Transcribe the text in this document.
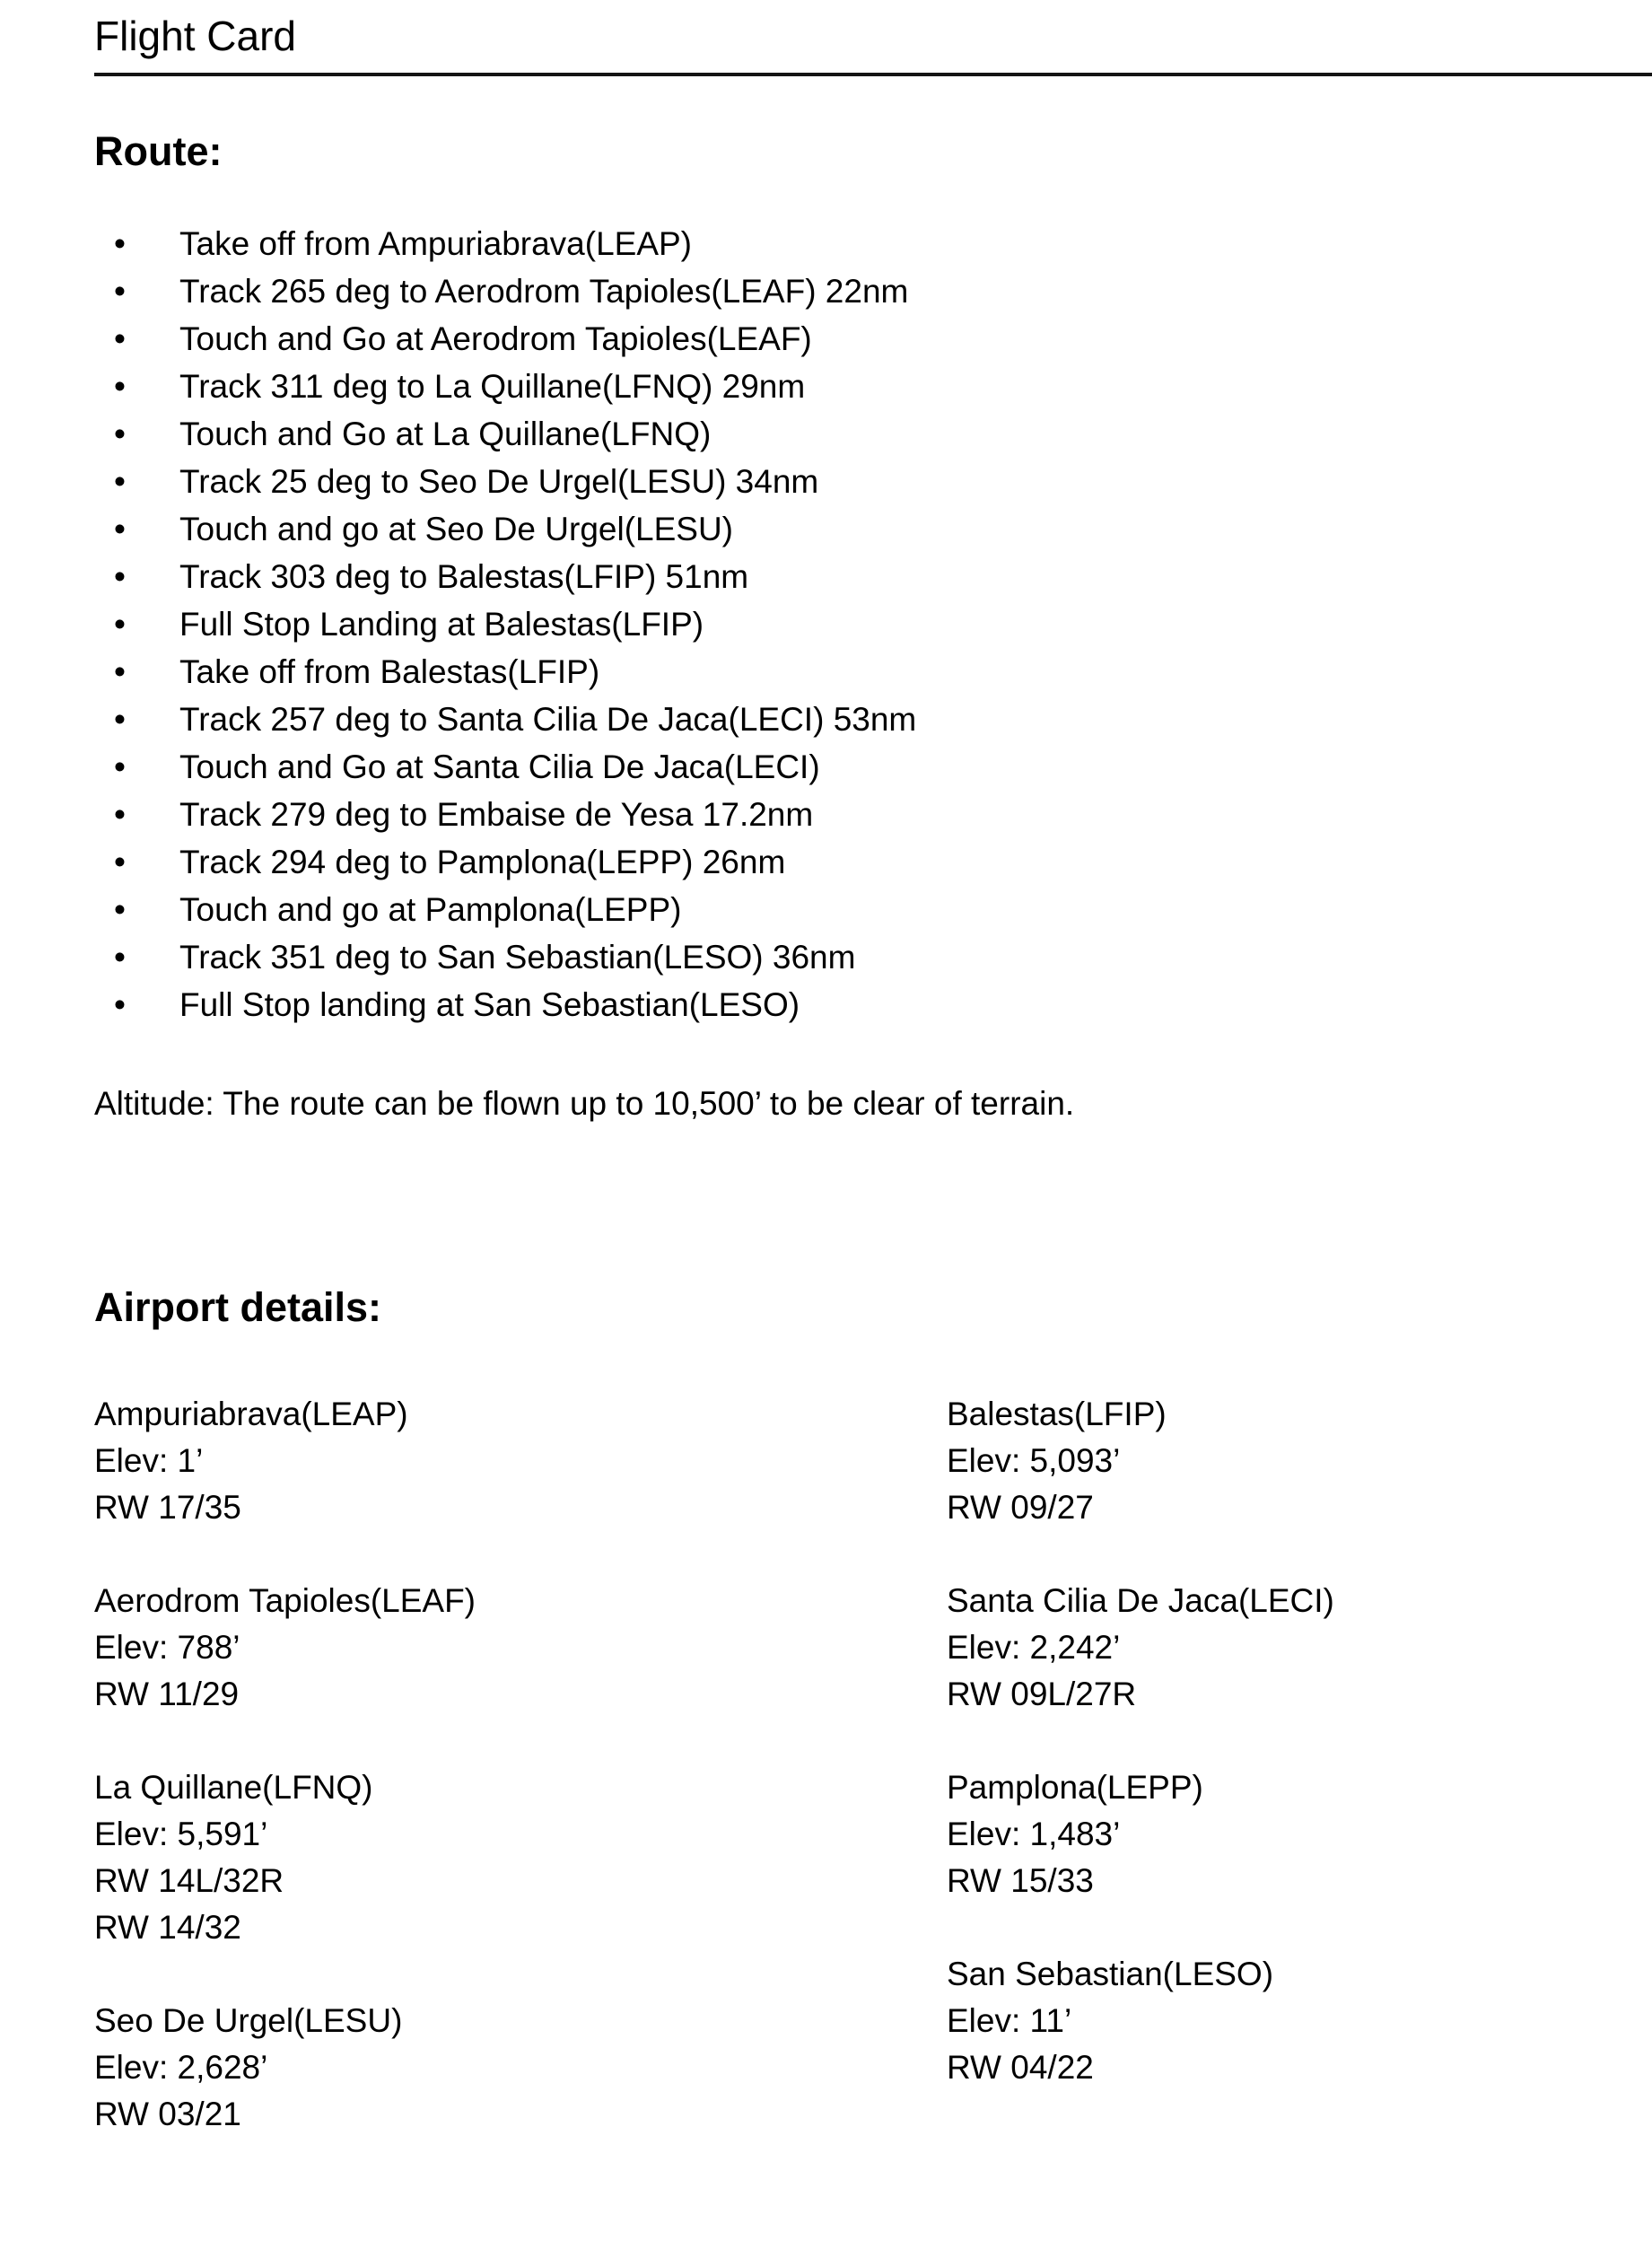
Flight Card
Route:
• Take off from Ampuriabrava(LEAP)
• Track 265 deg to Aerodrom Tapioles(LEAF) 22nm
• Touch and Go at Aerodrom Tapioles(LEAF)
• Track 311 deg to La Quillane(LFNQ) 29nm
• Touch and Go at La Quillane(LFNQ)
• Track 25 deg to Seo De Urgel(LESU) 34nm
• Touch and go at Seo De Urgel(LESU)
• Track 303 deg to Balestas(LFIP) 51nm
• Full Stop Landing at Balestas(LFIP)
• Take off from Balestas(LFIP)
• Track 257 deg to Santa Cilia De Jaca(LECI) 53nm
• Touch and Go at Santa Cilia De Jaca(LECI)
• Track 279 deg to Embaise de Yesa 17.2nm
• Track 294 deg to Pamplona(LEPP) 26nm
• Touch and go at Pamplona(LEPP)
• Track 351 deg to San Sebastian(LESO) 36nm
• Full Stop landing at San Sebastian(LESO)

Altitude: The route can be flown up to 10,500’ to be clear of terrain.

Airport details:
Ampuriabrava(LEAP)
Elev: 1’
RW 17/35
Aerodrom Tapioles(LEAF)
Elev: 788’
RW 11/29
La Quillane(LFNQ)
Elev: 5,591’
RW 14L/32R
RW 14/32
Seo De Urgel(LESU)
Elev: 2,628’
RW 03/21
Balestas(LFIP)
Elev: 5,093’
RW 09/27
Santa Cilia De Jaca(LECI)
Elev: 2,242’
RW 09L/27R
Pamplona(LEPP)
Elev: 1,483’
RW 15/33
San Sebastian(LESO)
Elev: 11’
RW 04/22
